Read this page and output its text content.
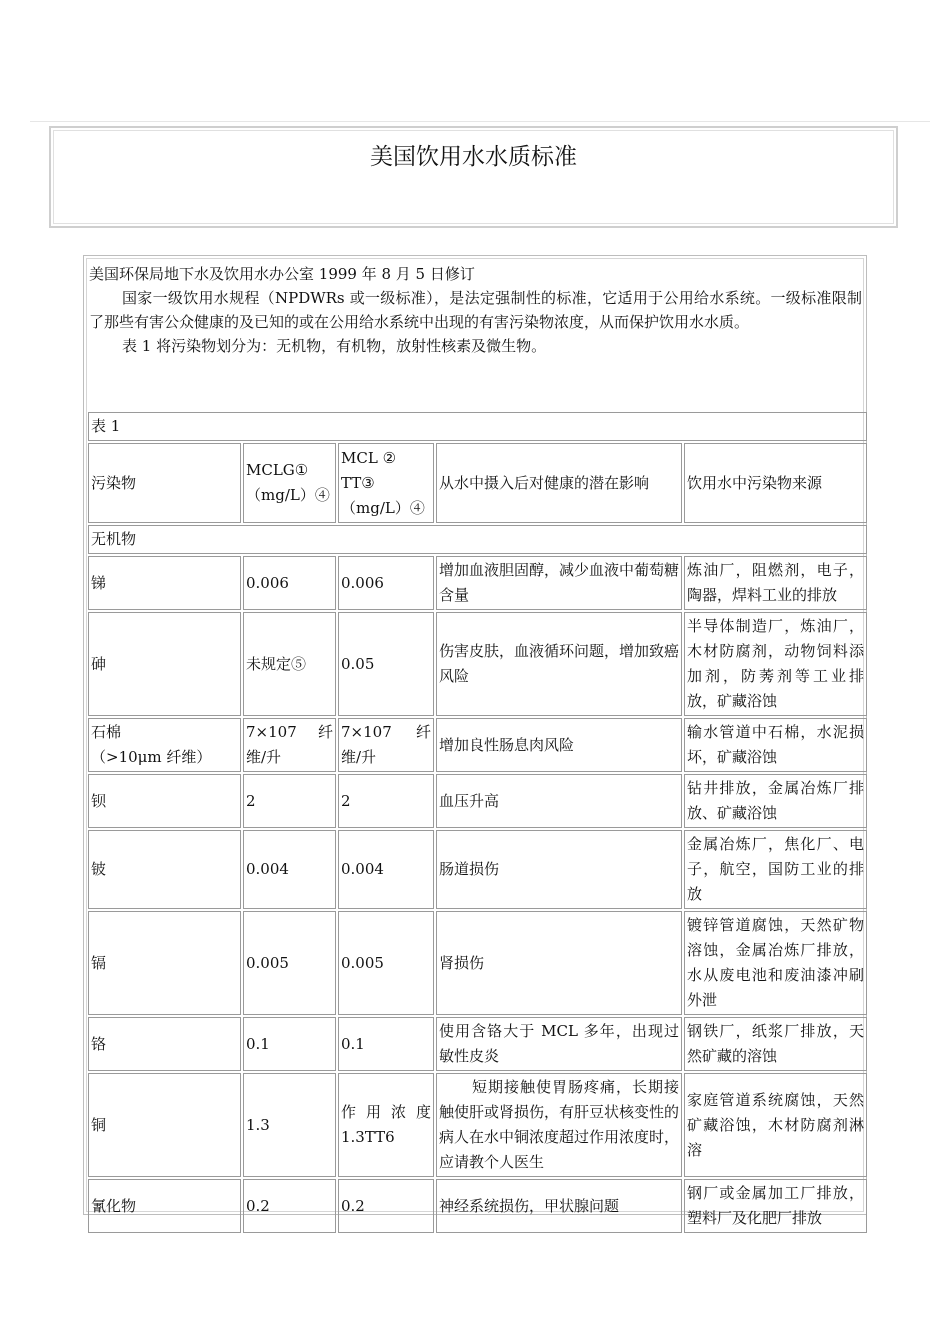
美国饮用水水质标准

美国环保局地下水及饮用水办公室 1999 年 8 月 5 日修订

国家一级饮用水规程（NPDWRs 或一级标准），是法定强制性的标准，它适用于公用给水系统。一级标准限制了那些有害公众健康的及已知的或在公用给水系统中出现的有害污染物浓度，从而保护饮用水水质。

表 1 将污染物划分为：无机物，有机物，放射性核素及微生物。

表 1				
污染物	MCLG①（mg/L）④	MCL ② TT③（mg/L）④	从水中摄入后对健康的潜在影响	饮用水中污染物来源
无机物				
锑	0.006	0.006	增加血液胆固醇，减少血液中葡萄糖含量	炼油厂，阻燃剂，电子，陶器，焊料工业的排放
砷	未规定⑤	0.05	伤害皮肤，血液循环问题，增加致癌风险	半导体制造厂，炼油厂，木材防腐剂，动物饲料添加剂，防莠剂等工业排放，矿藏浴蚀

石棉
（>10μm 纤维）	7×107 纤维/升	7×107 纤维/升	增加良性肠息肉风险	输水管道中石棉，水泥损坏，矿藏浴蚀
钡	2	2	血压升高	钻井排放，金属冶炼厂排放、矿藏浴蚀
铍	0.004	0.004	肠道损伤	金属冶炼厂，焦化厂、电子，航空，国防工业的排放
镉	0.005	0.005	肾损伤	镀锌管道腐蚀，天然矿物溶蚀，金属冶炼厂排放，水从废电池和废油漆冲刷外泄
铬	0.1	0.1	使用含铬大于 MCL 多年，出现过敏性皮炎	钢铁厂，纸浆厂排放，天然矿藏的溶蚀
铜	1.3	作 用 浓 度 1.3TT6	短期接触使胃肠疼痛，长期接触使肝或肾损伤，有肝豆状核变性的病人在水中铜浓度超过作用浓度时，应请教个人医生	家庭管道系统腐蚀，天然矿藏浴蚀，木材防腐剂淋溶
氰化物	0.2	0.2	神经系统损伤，甲状腺问题	钢厂或金属加工厂排放，塑料厂及化肥厂排放
